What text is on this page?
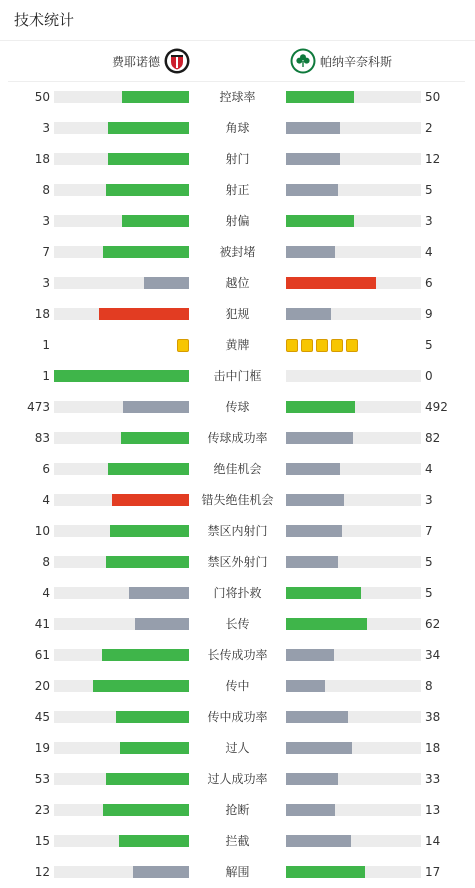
技术统计
费耶诺德	帕纳辛奈科斯
50	控球率	50
3	角球	2
18	射门	12
8	射正	5
3	射偏	3
7	被封堵	4
3	越位	6
18	犯规	9
1	黄牌	5
1	击中门框	0
473	传球	492
83	传球成功率	82
6	绝佳机会	4
4	错失绝佳机会	3
10	禁区内射门	7
8	禁区外射门	5
4	门将扑救	5
41	长传	62
61	长传成功率	34
20	传中	8
45	传中成功率	38
19	过人	18
53	过人成功率	33
23	抢断	13
15	拦截	14
12	解围	17
